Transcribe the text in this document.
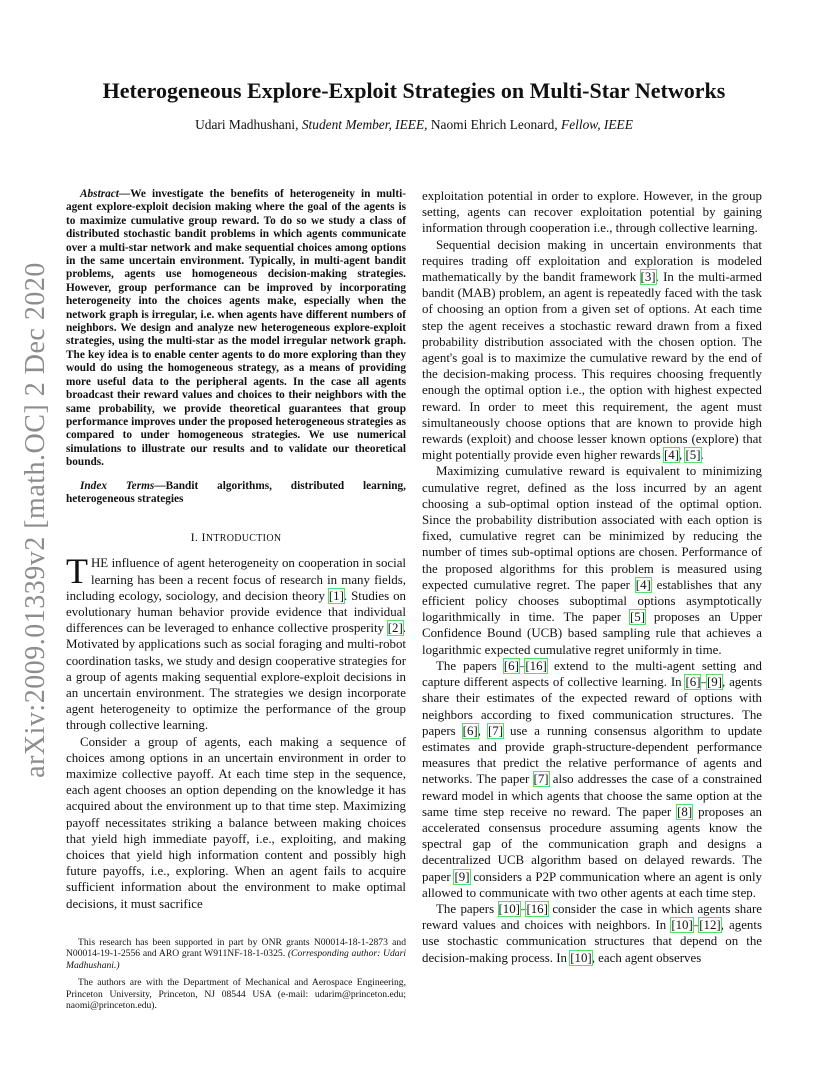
arXiv:2009.01339v2 [math.OC] 2 Dec 2020
Heterogeneous Explore-Exploit Strategies on Multi-Star Networks
Udari Madhushani, Student Member, IEEE, Naomi Ehrich Leonard, Fellow, IEEE

Abstract—We investigate the benefits of heterogeneity in multi-agent explore-exploit decision making where the goal of the agents is to maximize cumulative group reward. To do so we study a class of distributed stochastic bandit problems in which agents communicate over a multi-star network and make sequential choices among options in the same uncertain environment. Typically, in multi-agent bandit problems, agents use homogeneous decision-making strategies. However, group performance can be improved by incorporating heterogeneity into the choices agents make, especially when the network graph is irregular, i.e. when agents have different numbers of neighbors. We design and analyze new heterogeneous explore-exploit strategies, using the multi-star as the model irregular network graph. The key idea is to enable center agents to do more exploring than they would do using the homogeneous strategy, as a means of providing more useful data to the peripheral agents. In the case all agents broadcast their reward values and choices to their neighbors with the same probability, we provide theoretical guarantees that group performance improves under the proposed heterogeneous strategies as compared to under homogeneous strategies. We use numerical simulations to illustrate our results and to validate our theoretical bounds.

Index Terms—Bandit algorithms, distributed learning, heterogeneous strategies

I. INTRODUCTION

THE influence of agent heterogeneity on cooperation in social learning has been a recent focus of research in many fields, including ecology, sociology, and decision theory [1]. Studies on evolutionary human behavior provide evidence that individual differences can be leveraged to enhance collective prosperity [2]. Motivated by applications such as social foraging and multi-robot coordination tasks, we study and design cooperative strategies for a group of agents making sequential explore-exploit decisions in an uncertain environment. The strategies we design incorporate agent heterogeneity to optimize the performance of the group through collective learning.

Consider a group of agents, each making a sequence of choices among options in an uncertain environment in order to maximize collective payoff. At each time step in the sequence, each agent chooses an option depending on the knowledge it has acquired about the environment up to that time step. Maximizing payoff necessitates striking a balance between making choices that yield high immediate payoff, i.e., exploiting, and making choices that yield high information content and possibly high future payoffs, i.e., exploring. When an agent fails to acquire sufficient information about the environment to make optimal decisions, it must sacrifice

This research has been supported in part by ONR grants N00014-18-1-2873 and N00014-19-1-2556 and ARO grant W911NF-18-1-0325. (Corresponding author: Udari Madhushani.)

The authors are with the Department of Mechanical and Aerospace Engineering, Princeton University, Princeton, NJ 08544 USA (e-mail: udarim@princeton.edu; naomi@princeton.edu).

exploitation potential in order to explore. However, in the group setting, agents can recover exploitation potential by gaining information through cooperation i.e., through collective learning.

Sequential decision making in uncertain environments that requires trading off exploitation and exploration is modeled mathematically by the bandit framework [3]. In the multi-armed bandit (MAB) problem, an agent is repeatedly faced with the task of choosing an option from a given set of options. At each time step the agent receives a stochastic reward drawn from a fixed probability distribution associated with the chosen option. The agent's goal is to maximize the cumulative reward by the end of the decision-making process. This requires choosing frequently enough the optimal option i.e., the option with highest expected reward. In order to meet this requirement, the agent must simultaneously choose options that are known to provide high rewards (exploit) and choose lesser known options (explore) that might potentially provide even higher rewards [4], [5].

Maximizing cumulative reward is equivalent to minimizing cumulative regret, defined as the loss incurred by an agent choosing a sub-optimal option instead of the optimal option. Since the probability distribution associated with each option is fixed, cumulative regret can be minimized by reducing the number of times sub-optimal options are chosen. Performance of the proposed algorithms for this problem is measured using expected cumulative regret. The paper [4] establishes that any efficient policy chooses suboptimal options asymptotically logarithmically in time. The paper [5] proposes an Upper Confidence Bound (UCB) based sampling rule that achieves a logarithmic expected cumulative regret uniformly in time.

The papers [6]–[16] extend to the multi-agent setting and capture different aspects of collective learning. In [6]–[9], agents share their estimates of the expected reward of options with neighbors according to fixed communication structures. The papers [6], [7] use a running consensus algorithm to update estimates and provide graph-structure-dependent performance measures that predict the relative performance of agents and networks. The paper [7] also addresses the case of a constrained reward model in which agents that choose the same option at the same time step receive no reward. The paper [8] proposes an accelerated consensus procedure assuming agents know the spectral gap of the communication graph and designs a decentralized UCB algorithm based on delayed rewards. The paper [9] considers a P2P communication where an agent is only allowed to communicate with two other agents at each time step.

The papers [10]–[16] consider the case in which agents share reward values and choices with neighbors. In [10]–[12], agents use stochastic communication structures that depend on the decision-making process. In [10], each agent observes
